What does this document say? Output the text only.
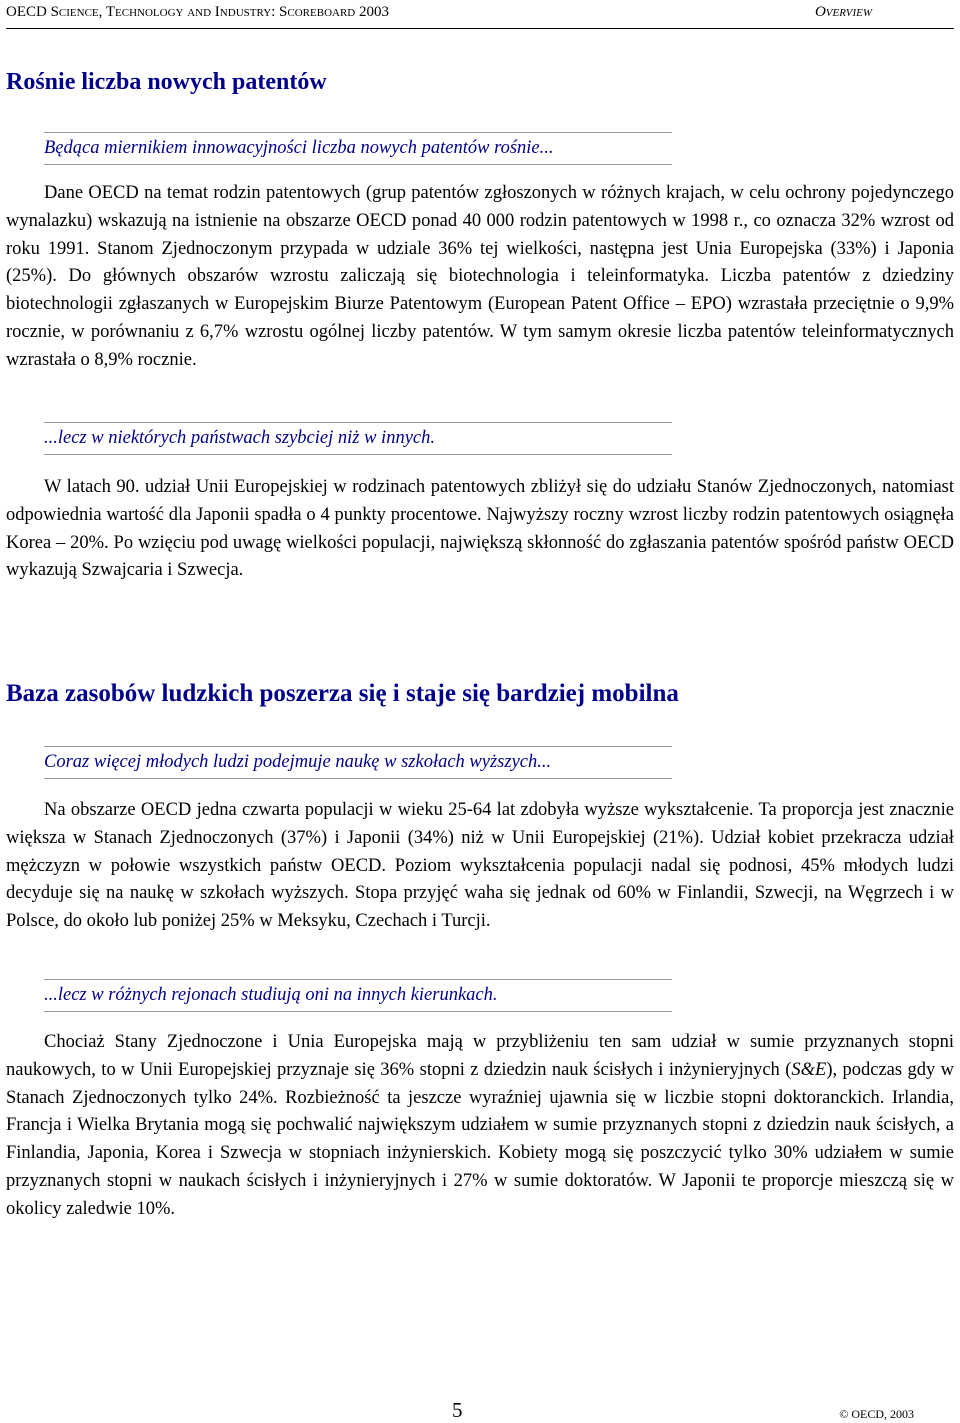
OECD Science, Technology and Industry: Scoreboard 2003	Overview
Rośnie liczba nowych patentów
Będąca miernikiem innowacyjności liczba nowych patentów rośnie...

Dane OECD na temat rodzin patentowych (grup patentów zgłoszonych w różnych krajach, w celu ochrony pojedynczego wynalazku) wskazują na istnienie na obszarze OECD ponad 40 000 rodzin patentowych w 1998 r., co oznacza 32% wzrost od roku 1991. Stanom Zjednoczonym przypada w udziale 36% tej wielkości, następna jest Unia Europejska (33%) i Japonia (25%). Do głównych obszarów wzrostu zaliczają się biotechnologia i teleinformatyka. Liczba patentów z dziedziny biotechnologii zgłaszanych w Europejskim Biurze Patentowym (European Patent Office – EPO) wzrastała przeciętnie o 9,9% rocznie, w porównaniu z 6,7% wzrostu ogólnej liczby patentów. W tym samym okresie liczba patentów teleinformatycznych wzrastała o 8,9% rocznie.

...lecz w niektórych państwach szybciej niż w innych.

W latach 90. udział Unii Europejskiej w rodzinach patentowych zbliżył się do udziału Stanów Zjednoczonych, natomiast odpowiednia wartość dla Japonii spadła o 4 punkty procentowe. Najwyższy roczny wzrost liczby rodzin patentowych osiągnęła Korea – 20%. Po wzięciu pod uwagę wielkości populacji, największą skłonność do zgłaszania patentów spośród państw OECD wykazują Szwajcaria i Szwecja.

Baza zasobów ludzkich poszerza się i staje się bardziej mobilna
Coraz więcej młodych ludzi podejmuje naukę w szkołach wyższych...

Na obszarze OECD jedna czwarta populacji w wieku 25-64 lat zdobyła wyższe wykształcenie. Ta proporcja jest znacznie większa w Stanach Zjednoczonych (37%) i Japonii (34%) niż w Unii Europejskiej (21%). Udział kobiet przekracza udział mężczyzn w połowie wszystkich państw OECD. Poziom wykształcenia populacji nadal się podnosi, 45% młodych ludzi decyduje się na naukę w szkołach wyższych. Stopa przyjęć waha się jednak od 60% w Finlandii, Szwecji, na Węgrzech i w Polsce, do około lub poniżej 25% w Meksyku, Czechach i Turcji.

...lecz w różnych rejonach studiują oni na innych kierunkach.

Chociaż Stany Zjednoczone i Unia Europejska mają w przybliżeniu ten sam udział w sumie przyznanych stopni naukowych, to w Unii Europejskiej przyznaje się 36% stopni z dziedzin nauk ścisłych i inżynieryjnych (S&E), podczas gdy w Stanach Zjednoczonych tylko 24%. Rozbieżność ta jeszcze wyraźniej ujawnia się w liczbie stopni doktoranckich. Irlandia, Francja i Wielka Brytania mogą się pochwalić największym udziałem w sumie przyznanych stopni z dziedzin nauk ścisłych, a Finlandia, Japonia, Korea i Szwecja w stopniach inżynierskich. Kobiety mogą się poszczycić tylko 30% udziałem w sumie przyznanych stopni w naukach ścisłych i inżynieryjnych i 27% w sumie doktoratów. W Japonii te proporcje mieszczą się w okolicy zaledwie 10%.

5	© OECD, 2003
